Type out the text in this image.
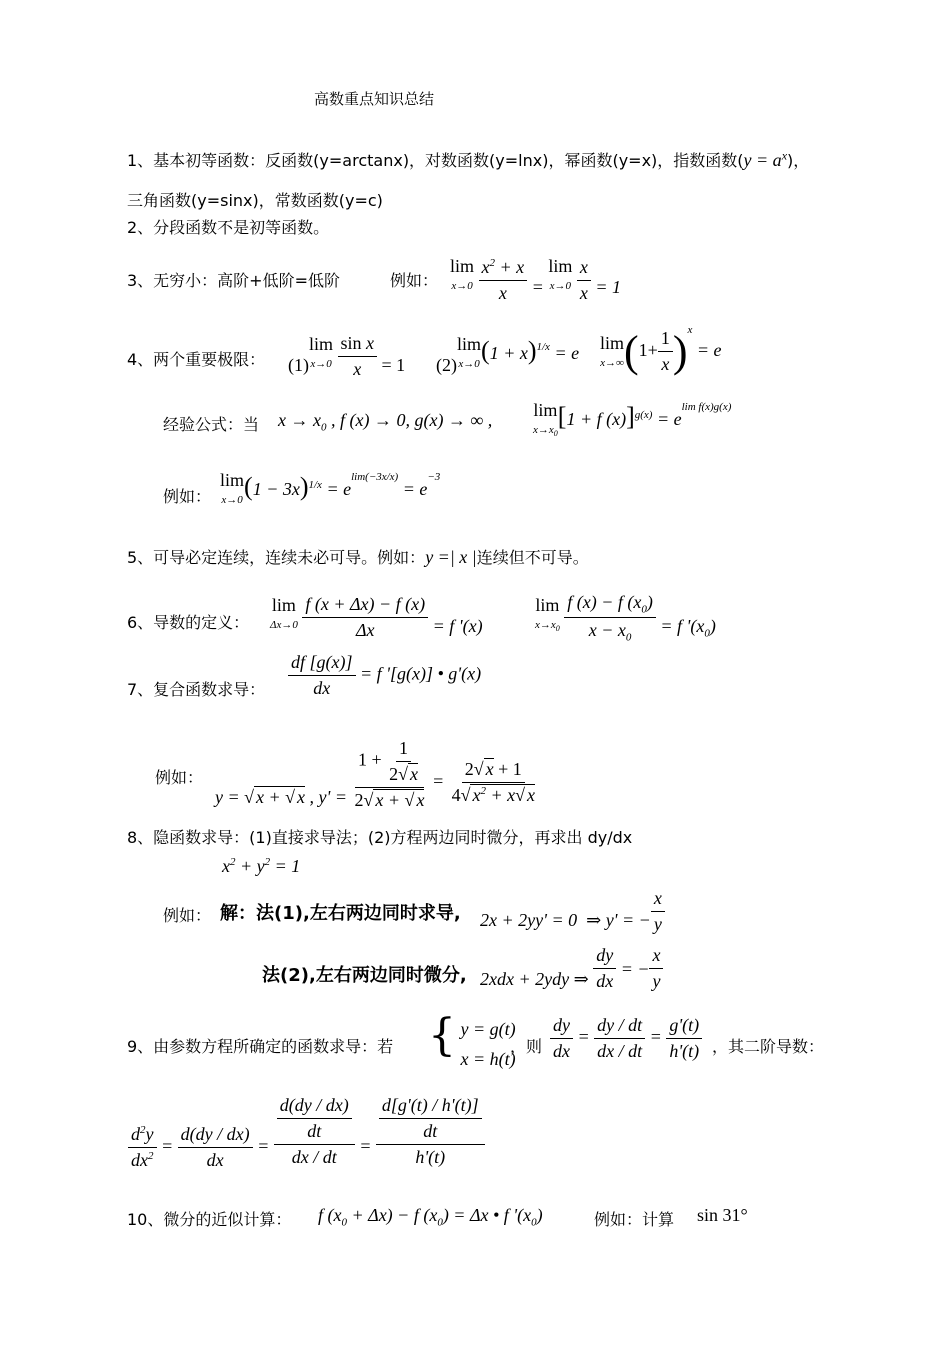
高数重点知识总结
1、基本初等函数：反函数(y=arctanx)，对数函数(y=lnx)，幂函数(y=x)，指数函数$(y = a^x)$，
三角函数(y=sinx)，常数函数(y=c)
2、分段函数不是初等函数。
3、无穷小：高阶+低阶=低阶	例如：
lim
$^{x\to 0} \frac{x^2 + x}{x} = \lim$
$^{x\to 0} \frac{x}{x} = 1$
4、两个重要极限： (1)lim
$^{x\to 0} \frac{\text{sin x}}{x} = 1$ (2)lim
$^{x\to 0}(1 + x)^{1/x} = e$ lim
$^{x\to\infty}(1+ \frac{1}{x} )^x = e$
经验公式：当 $x \to x_0$ , f (x) → 0, g(x) → ∞ , lim
$^{x\to x_0}$[1 + f $(x)]^{g(x)} = e^{lim f(x)g(x)}$
例如：
lim
$^{x\to 0}(1 - 3x)^{1/x} = e^{lim(-3x/x)} = e^{-3}$
5、可导必定连续，连续未必可导。例如：y =| x |连续但不可导。
6、导数的定义：
lim
$^{\Delta x\to 0} \frac{f (x + \Delta x) - f (x)}{\Delta x} = f$ '(x)
lim
$^{x\to x_0} \frac{f (x) - f (x_0)}{x - x_0} = f$ '$(x_0)$
7、复合函数求导： $\frac{df [g(x)]}{dx} = f$ '[g(x)] • g'(x)
例如：
y = √ x + √ x , $y' = \frac{1 + \frac{1}{2√ x}}{2√ x + √ x} = \frac{2√ x + 1}{4√ x^2 + x√ x}$
8、隐函数求导：(1)直接求导法；(2)方程两边同时微分，再求出 dy/dx
$x^2 + y^2 = 1$
例如： 解：法(1),左右两边同时求导, 2x + 2yy' = 0  ⇒ y' = − $\frac{x}{y}$
法(2),左右两边同时微分, 2xdx + 2ydy ⇒ $\frac{dy}{dx}$ = − $\frac{x}{y}$
9、由参数方程所确定的函数求导：若 { y = g(t)
x = h(t)
，则 $\frac{dy}{dx} = \frac{dy / dt}{dx / dt} = \frac{g'(t)}{h'(t)}$ ，其二阶导数：
$\frac{d^2y}{dx^2} = \frac{d(dy / dx)}{dx} = \frac{\frac{d(dy / dx)}{dt}}{dx / dt} = \frac{\frac{d[g'(t) / h'(t)]}{dt}}{h'(t)}$
10、微分的近似计算： f $(x_0 + \Delta x) - f$ $(x_0) = \Delta x$ • f '$(x_0)$	例如：计算 sin 31°
